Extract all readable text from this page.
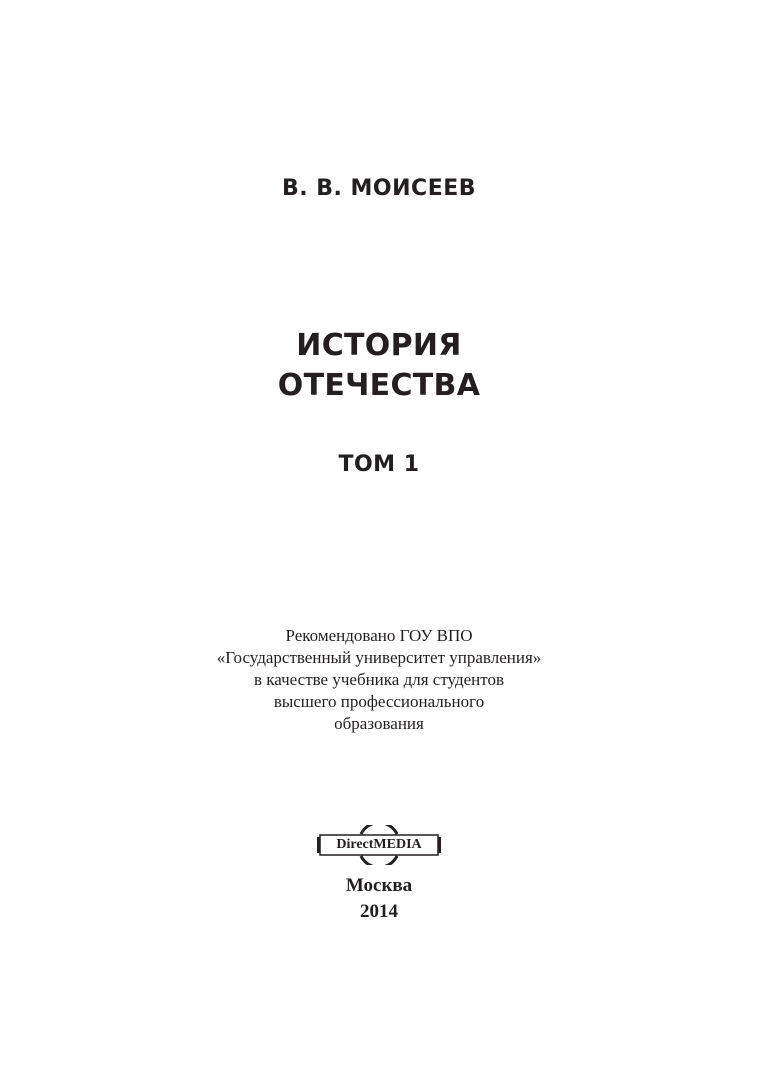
В. В. МОИСЕЕВ
ИСТОРИЯ
ОТЕЧЕСТВА
ТОМ 1
Рекомендовано ГОУ ВПО
«Государственный университет управления»
в качестве учебника для студентов
высшего профессионального
образования
DirectMEDIA
Москва
2014
